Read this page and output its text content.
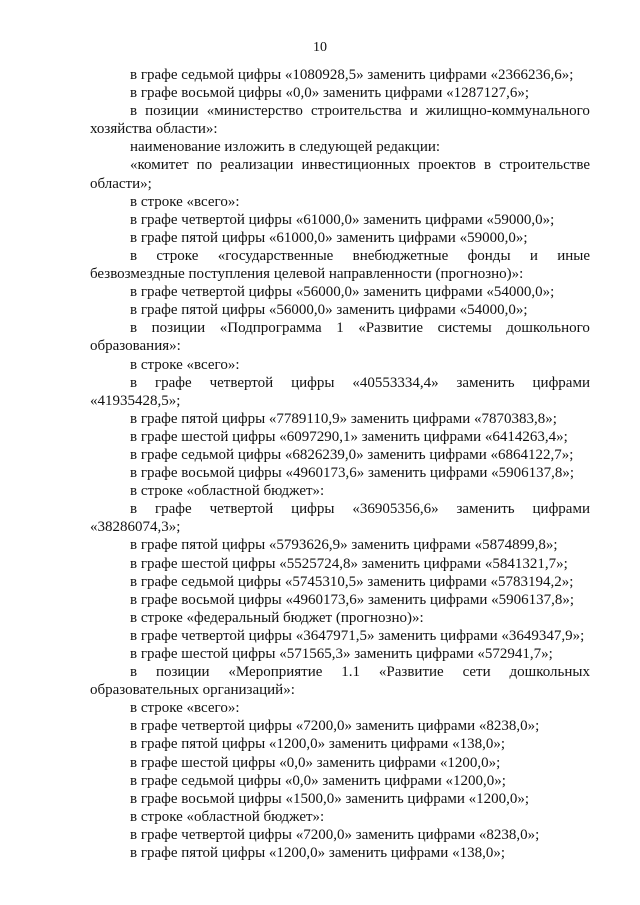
10
в графе седьмой цифры «1080928,5» заменить цифрами «2366236,6»;
в графе восьмой цифры «0,0» заменить цифрами «1287127,6»;
в позиции «министерство строительства и жилищно-коммунального
хозяйства области»:
наименование изложить в следующей редакции:
«комитет по реализации инвестиционных проектов в строительстве
области»;
в строке «всего»:
в графе четвертой цифры «61000,0» заменить цифрами «59000,0»;
в графе пятой цифры «61000,0» заменить цифрами «59000,0»;
в строке «государственные внебюджетные фонды и иные
безвозмездные поступления целевой направленности (прогнозно)»:
в графе четвертой цифры «56000,0» заменить цифрами «54000,0»;
в графе пятой цифры «56000,0» заменить цифрами «54000,0»;
в позиции «Подпрограмма 1 «Развитие системы дошкольного
образования»:
в строке «всего»:
в графе четвертой цифры «40553334,4» заменить цифрами
«41935428,5»;
в графе пятой цифры «7789110,9» заменить цифрами «7870383,8»;
в графе шестой цифры «6097290,1» заменить цифрами «6414263,4»;
в графе седьмой цифры «6826239,0» заменить цифрами «6864122,7»;
в графе восьмой цифры «4960173,6» заменить цифрами «5906137,8»;
в строке «областной бюджет»:
в графе четвертой цифры «36905356,6» заменить цифрами
«38286074,3»;
в графе пятой цифры «5793626,9» заменить цифрами «5874899,8»;
в графе шестой цифры «5525724,8» заменить цифрами «5841321,7»;
в графе седьмой цифры «5745310,5» заменить цифрами «5783194,2»;
в графе восьмой цифры «4960173,6» заменить цифрами «5906137,8»;
в строке «федеральный бюджет (прогнозно)»:
в графе четвертой цифры «3647971,5» заменить цифрами «3649347,9»;
в графе шестой цифры «571565,3» заменить цифрами «572941,7»;
в позиции «Мероприятие 1.1 «Развитие сети дошкольных
образовательных организаций»:
в строке «всего»:
в графе четвертой цифры «7200,0» заменить цифрами «8238,0»;
в графе пятой цифры «1200,0» заменить цифрами «138,0»;
в графе шестой цифры «0,0» заменить цифрами «1200,0»;
в графе седьмой цифры «0,0» заменить цифрами «1200,0»;
в графе восьмой цифры «1500,0» заменить цифрами «1200,0»;
в строке «областной бюджет»:
в графе четвертой цифры «7200,0» заменить цифрами «8238,0»;
в графе пятой цифры «1200,0» заменить цифрами «138,0»;
